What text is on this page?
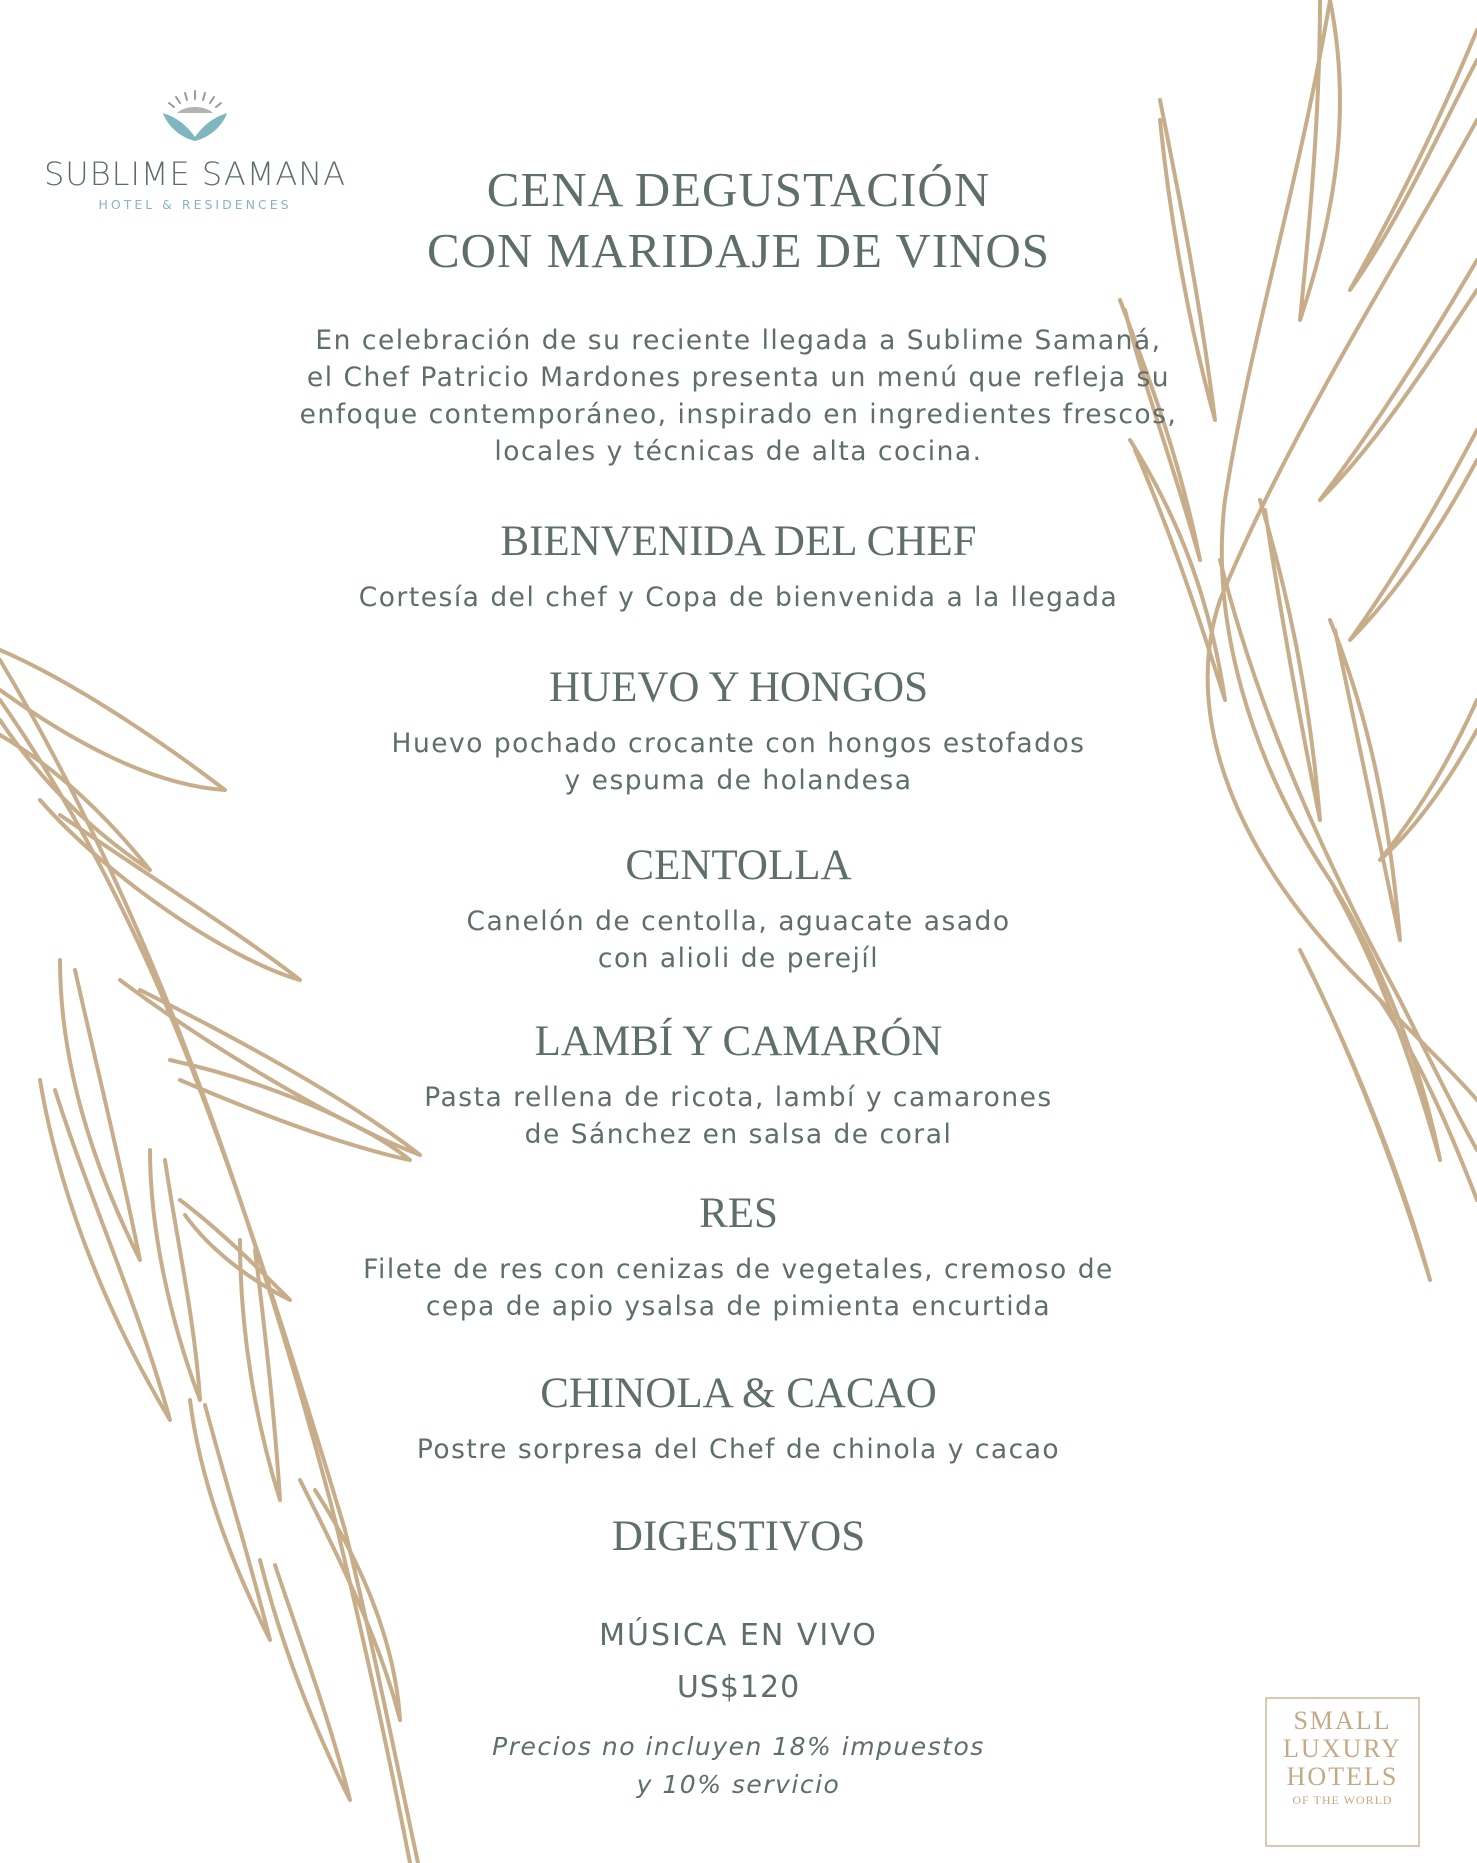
SUBLIME SAMANA
HOTEL & RESIDENCES	CENA DEGUSTACIÓN
CON MARIDAJE DE VINOS
En celebración de su reciente llegada a Sublime Samaná,
el Chef Patricio Mardones presenta un menú que refleja su
enfoque contemporáneo, inspirado en ingredientes frescos,
locales y técnicas de alta cocina.
BIENVENIDA DEL CHEF
Cortesía del chef y Copa de bienvenida a la llegada
HUEVO Y HONGOS
Huevo pochado crocante con hongos estofados
y espuma de holandesa
CENTOLLA
Canelón de centolla, aguacate asado
con alioli de perejíl
LAMBÍ Y CAMARÓN
Pasta rellena de ricota, lambí y camarones
de Sánchez en salsa de coral
RES
Filete de res con cenizas de vegetales, cremoso de
cepa de apio ysalsa de pimienta encurtida
CHINOLA & CACAO
Postre sorpresa del Chef de chinola y cacao
DIGESTIVOS
MÚSICA EN VIVO
US$120
Precios no incluyen 18% impuestos
y 10% servicio
SMALL
LUXURY
HOTELS
OF THE WORLD
